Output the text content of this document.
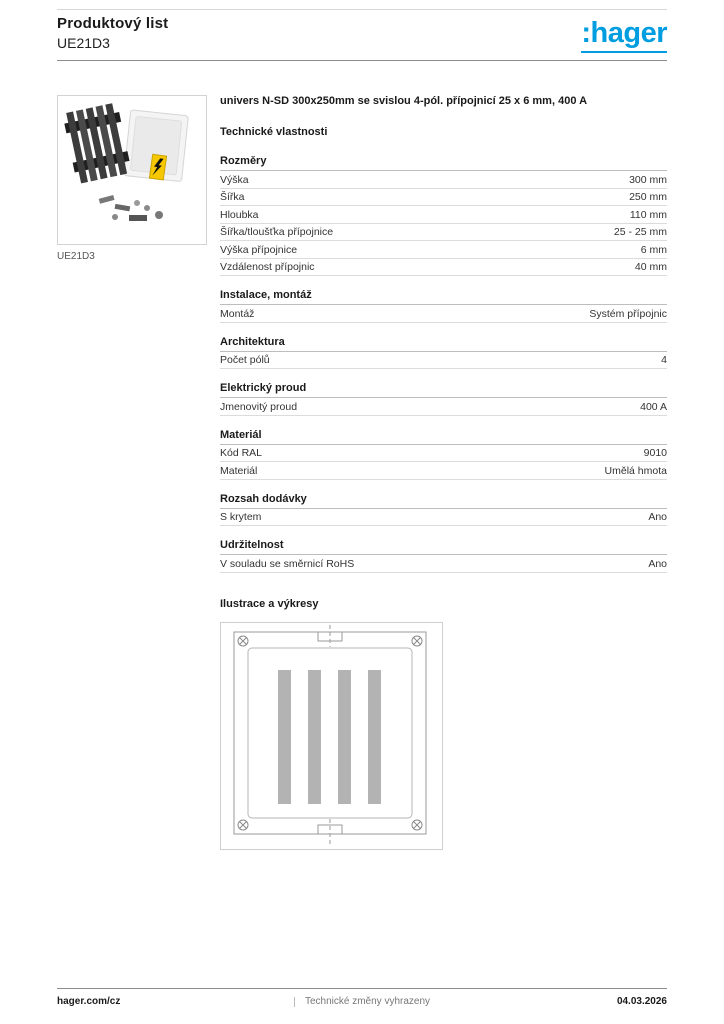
Produktový list
UE21D3	:hager
UE21D3
univers N-SD 300x250mm se svislou 4-pól. přípojnicí 25 x 6 mm, 400 A
Technické vlastnosti
Rozměry
Výška	300 mm
Šířka	250 mm
Hloubka	110 mm
Šířka/tloušťka přípojnice	25 - 25 mm
Výška přípojnice	6 mm
Vzdálenost přípojnic	40 mm
Instalace, montáž
Montáž	Systém přípojnic
Architektura
Počet pólů	4
Elektrický proud
Jmenovitý proud	400 A
Materiál
Kód RAL	9010
Materiál	Umělá hmota
Rozsah dodávky
S krytem	Ano
Udržitelnost
V souladu se směrnicí RoHS	Ano
Ilustrace a výkresy
hager.com/cz	Technické změny vyhrazeny	04.03.2026
